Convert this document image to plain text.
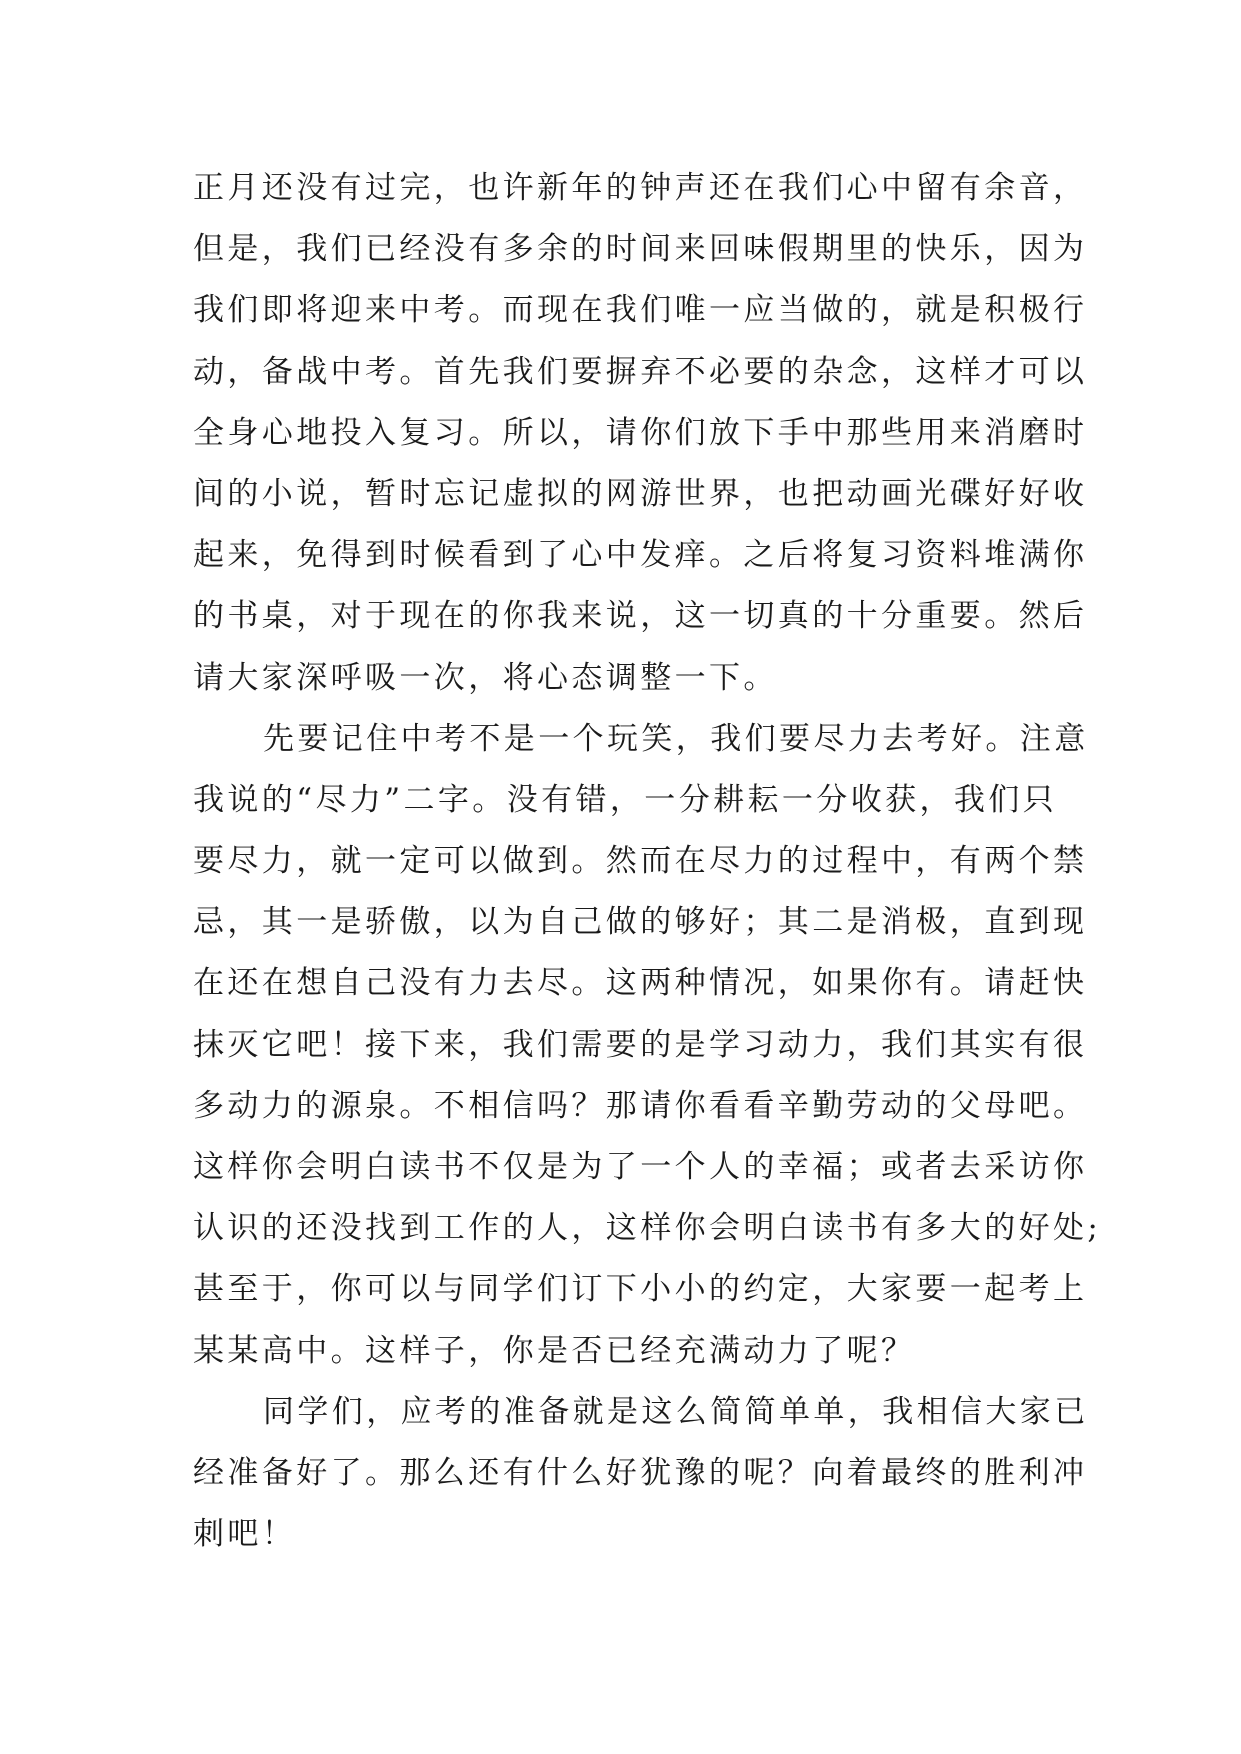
正月还没有过完，也许新年的钟声还在我们心中留有余音，
但是，我们已经没有多余的时间来回味假期里的快乐，因为
我们即将迎来中考。而现在我们唯一应当做的，就是积极行
动，备战中考。首先我们要摒弃不必要的杂念，这样才可以
全身心地投入复习。所以，请你们放下手中那些用来消磨时
间的小说，暂时忘记虚拟的网游世界，也把动画光碟好好收
起来，免得到时候看到了心中发痒。之后将复习资料堆满你
的书桌，对于现在的你我来说，这一切真的十分重要。然后
请大家深呼吸一次，将心态调整一下。
先要记住中考不是一个玩笑，我们要尽力去考好。注意
我说的“尽力”二字。没有错，一分耕耘一分收获，我们只
要尽力，就一定可以做到。然而在尽力的过程中，有两个禁
忌，其一是骄傲，以为自己做的够好；其二是消极，直到现
在还在想自己没有力去尽。这两种情况，如果你有。请赶快
抹灭它吧！接下来，我们需要的是学习动力，我们其实有很
多动力的源泉。不相信吗？那请你看看辛勤劳动的父母吧。
这样你会明白读书不仅是为了一个人的幸福；或者去采访你
认识的还没找到工作的人，这样你会明白读书有多大的好处;
甚至于，你可以与同学们订下小小的约定，大家要一起考上
某某高中。这样子，你是否已经充满动力了呢？
同学们，应考的准备就是这么简简单单，我相信大家已
经准备好了。那么还有什么好犹豫的呢？向着最终的胜利冲
刺吧！
